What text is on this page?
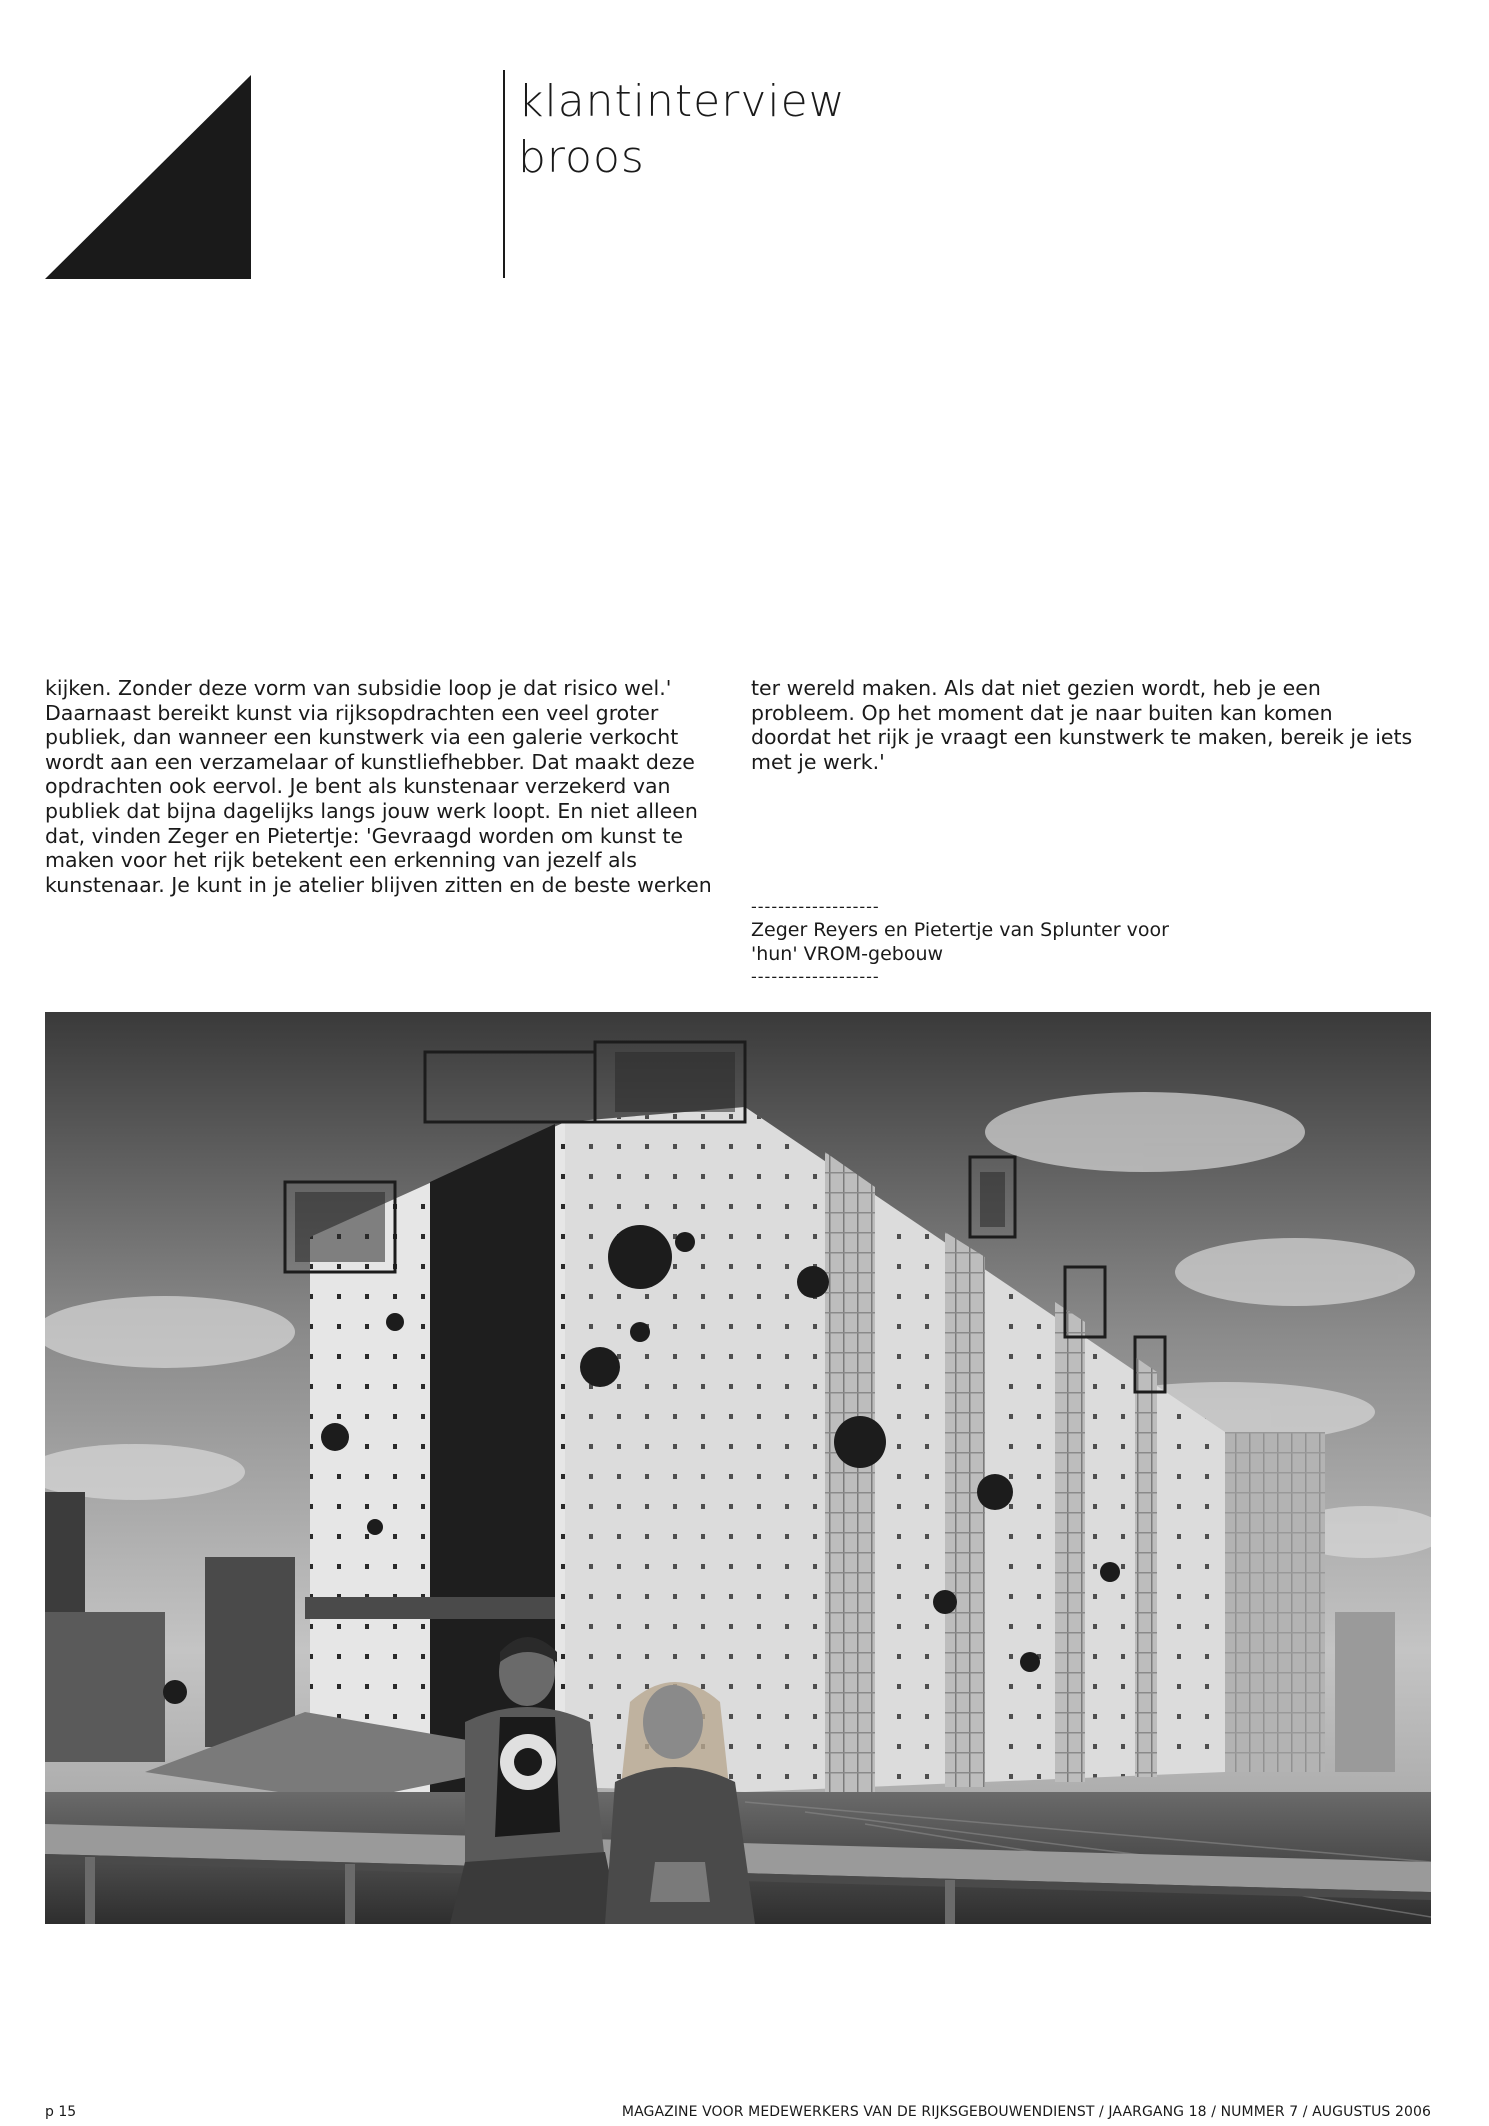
klantinterview
broos

kijken. Zonder deze vorm van subsidie loop je dat risico wel.' Daarnaast bereikt kunst via rijksopdrachten een veel groter publiek, dan wanneer een kunstwerk via een galerie verkocht wordt aan een verzamelaar of kunstliefhebber. Dat maakt deze opdrachten ook eervol. Je bent als kunstenaar verzekerd van publiek dat bijna dagelijks langs jouw werk loopt. En niet alleen dat, vinden Zeger en Pietertje: 'Gevraagd worden om kunst te maken voor het rijk betekent een erkenning van jezelf als kunstenaar. Je kunt in je atelier blijven zitten en de beste werken

ter wereld maken. Als dat niet gezien wordt, heb je een probleem. Op het moment dat je naar buiten kan komen doordat het rijk je vraagt een kunstwerk te maken, bereik je iets met je werk.'

-------------------
Zeger Reyers en Pietertje van Splunter voor
'hun' VROM-gebouw
-------------------
p 15	MAGAZINE VOOR MEDEWERKERS VAN DE RIJKSGEBOUWENDIENST / JAARGANG 18 / NUMMER 7 / AUGUSTUS 2006
